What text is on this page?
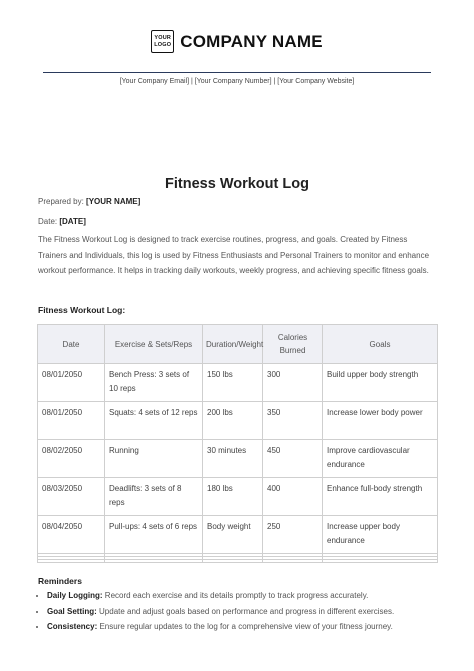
YOUR
LOGO COMPANY NAME
[Your Company Email] | [Your Company Number] | [Your Company Website]
Fitness Workout Log
Prepared by: [YOUR NAME]
Date: [DATE]
The Fitness Workout Log is designed to track exercise routines, progress, and goals. Created by Fitness Trainers and Individuals, this log is used by Fitness Enthusiasts and Personal Trainers to monitor and enhance workout performance. It helps in tracking daily workouts, weekly progress, and achieving specific fitness goals.
Fitness Workout Log:
Date	Exercise & Sets/Reps	Duration/Weight	Calories Burned	Goals
08/01/2050	Bench Press: 3 sets of 10 reps	150 lbs	300	Build upper body strength
08/01/2050	Squats: 4 sets of 12 reps	200 lbs	350	Increase lower body power
08/02/2050	Running	30 minutes	450	Improve cardiovascular endurance
08/03/2050	Deadlifts: 3 sets of 8 reps	180 lbs	400	Enhance full-body strength
08/04/2050	Pull-ups: 4 sets of 6 reps	Body weight	250	Increase upper body endurance

Reminders
• Daily Logging: Record each exercise and its details promptly to track progress accurately.
• Goal Setting: Update and adjust goals based on performance and progress in different exercises.
• Consistency: Ensure regular updates to the log for a comprehensive view of your fitness journey.
